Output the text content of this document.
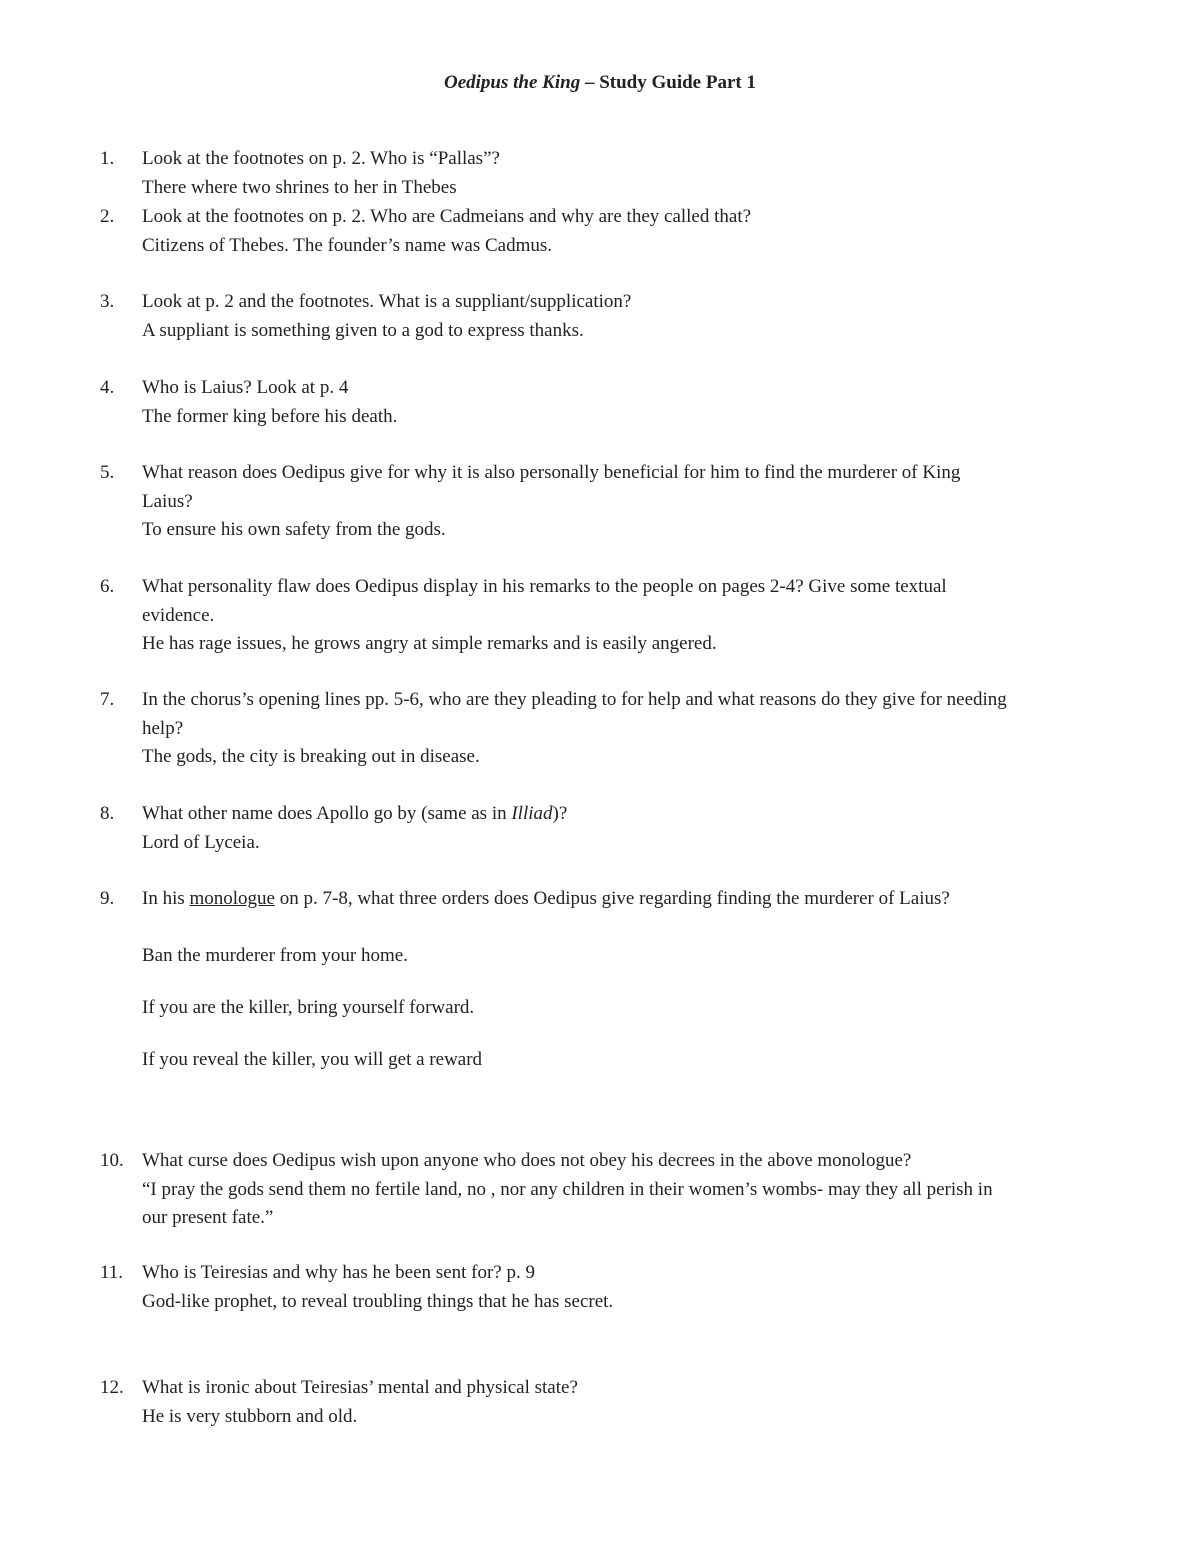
Oedipus the King – Study Guide Part 1
1.	Look at the footnotes on p. 2. Who is “Pallas”?
There where two shrines to her in Thebes
2.	Look at the footnotes on p. 2. Who are Cadmeians and why are they called that?
Citizens of Thebes. The founder’s name was Cadmus.
3.	Look at p. 2 and the footnotes. What is a suppliant/supplication?
A suppliant is something given to a god to express thanks.
4.	Who is Laius? Look at p. 4
The former king before his death.
5.	What reason does Oedipus give for why it is also personally beneficial for him to find the murderer of King
Laius?
To ensure his own safety from the gods.
6.	What personality flaw does Oedipus display in his remarks to the people on pages 2-4? Give some textual
evidence.
He has rage issues, he grows angry at simple remarks and is easily angered.
7.	In the chorus’s opening lines pp. 5-6, who are they pleading to for help and what reasons do they give for needing
help?
The gods, the city is breaking out in disease.
8.	What other name does Apollo go by (same as in Illiad)?
Lord of Lyceia.
9.	In his monologue on p. 7-8, what three orders does Oedipus give regarding finding the murderer of Laius?
Ban the murderer from your home.
If you are the killer, bring yourself forward.
If you reveal the killer, you will get a reward
10. What curse does Oedipus wish upon anyone who does not obey his decrees in the above monologue?
“I pray the gods send them no fertile land, no , nor any children in their women’s wombs- may they all perish in
our present fate.”
11. Who is Teiresias and why has he been sent for? p. 9
God-like prophet, to reveal troubling things that he has secret.
12. What is ironic about Teiresias’ mental and physical state?
He is very stubborn and old.
